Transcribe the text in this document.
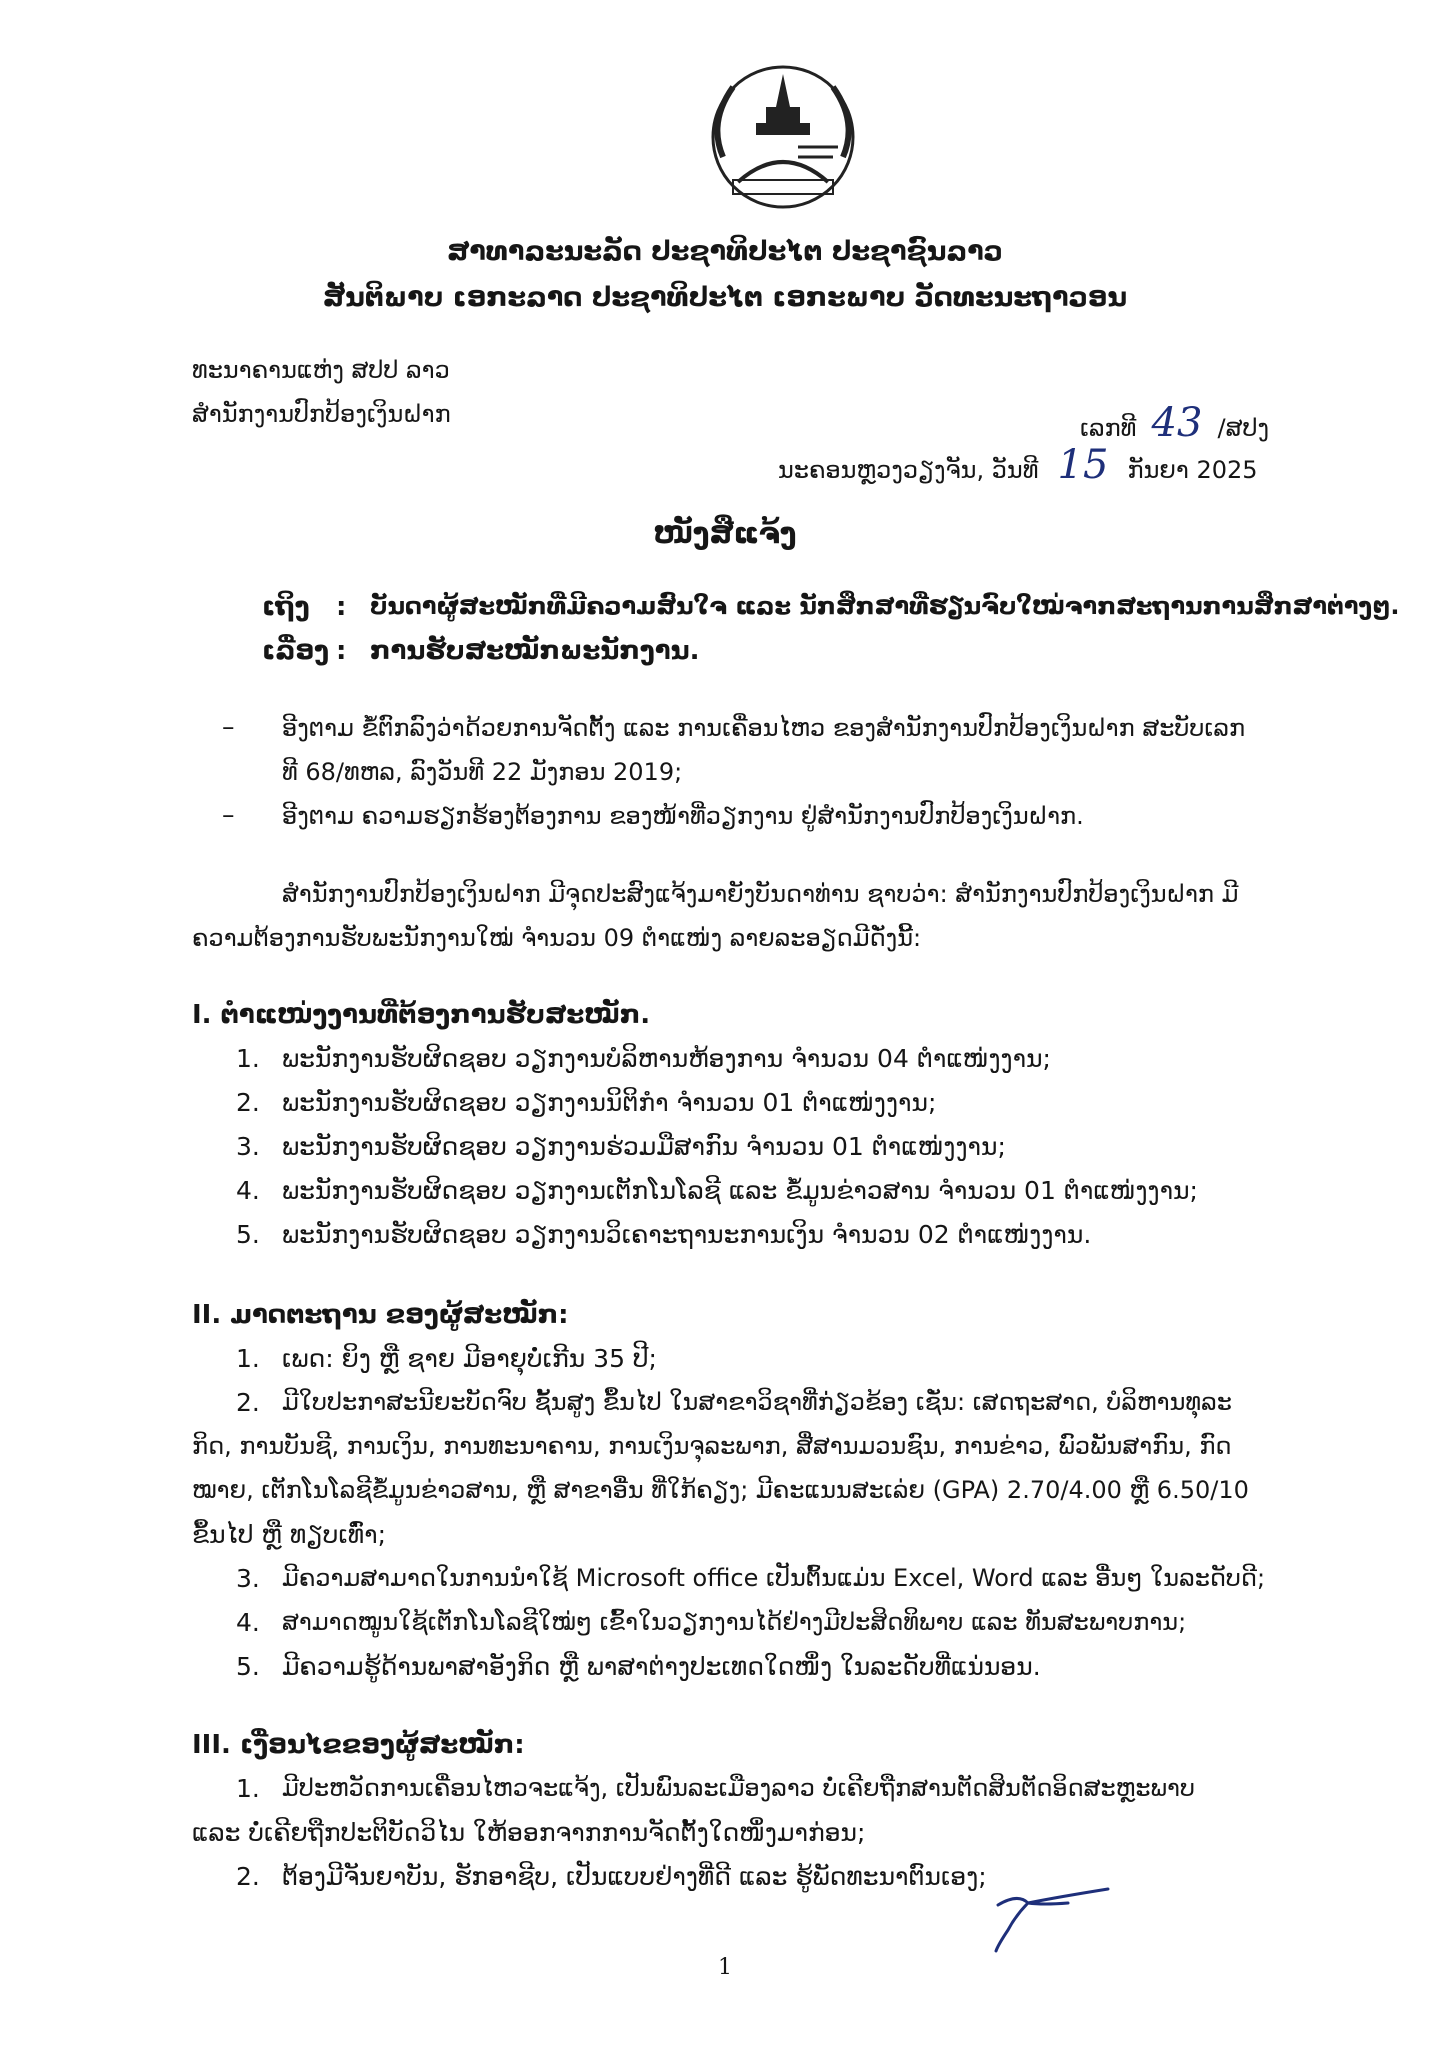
ສາທາລະນະລັດ ປະຊາທິປະໄຕ ປະຊາຊົນລາວ
ສັນຕິພາບ ເອກະລາດ ປະຊາທິປະໄຕ ເອກະພາບ ວັດທະນະຖາວອນ
ທະນາຄານແຫ່ງ ສປປ ລາວ
ສຳນັກງານປົກປ້ອງເງິນຝາກ	ເລກທີ 43 /ສປງ
ນະຄອນຫຼວງວຽງຈັນ, ວັນທີ 15 ກັນຍາ 2025
ໜັງສືແຈ້ງ
ເຖິງ : ບັນດາຜູ້ສະໝັກທີ່ມີຄວາມສົນໃຈ ແລະ ນັກສຶກສາທີ່ຮຽນຈົບໃໝ່ຈາກສະຖານການສຶກສາຕ່າງໆ.
ເລື່ອງ : ການຮັບສະໝັກພະນັກງານ.
– ອີງຕາມ ຂໍ້ຕົກລົງວ່າດ້ວຍການຈັດຕັ້ງ ແລະ ການເຄື່ອນໄຫວ ຂອງສຳນັກງານປົກປ້ອງເງິນຝາກ ສະບັບເລກ
ທີ 68/ທຫລ, ລົງວັນທີ 22 ມັງກອນ 2019;
– ອີງຕາມ ຄວາມຮຽກຮ້ອງຕ້ອງການ ຂອງໜ້າທີ່ວຽກງານ ຢູ່ສຳນັກງານປົກປ້ອງເງິນຝາກ.
ສຳນັກງານປົກປ້ອງເງິນຝາກ ມີຈຸດປະສົງແຈ້ງມາຍັງບັນດາທ່ານ ຊາບວ່າ: ສຳນັກງານປົກປ້ອງເງິນຝາກ ມີ
ຄວາມຕ້ອງການຮັບພະນັກງານໃໝ່ ຈຳນວນ 09 ຕຳແໜ່ງ ລາຍລະອຽດມີດັ່ງນີ້:
I. ຕຳແໜ່ງງານທີ່ຕ້ອງການຮັບສະໝັກ.
1. ພະນັກງານຮັບຜິດຊອບ ວຽກງານບໍລິຫານຫ້ອງການ ຈຳນວນ 04 ຕຳແໜ່ງງານ;
2. ພະນັກງານຮັບຜິດຊອບ ວຽກງານນິຕິກຳ ຈຳນວນ 01 ຕຳແໜ່ງງານ;
3. ພະນັກງານຮັບຜິດຊອບ ວຽກງານຮ່ວມມືສາກົນ ຈຳນວນ 01 ຕຳແໜ່ງງານ;
4. ພະນັກງານຮັບຜິດຊອບ ວຽກງານເຕັກໂນໂລຊີ ແລະ ຂໍ້ມູນຂ່າວສານ ຈຳນວນ 01 ຕຳແໜ່ງງານ;
5. ພະນັກງານຮັບຜິດຊອບ ວຽກງານວິເຄາະຖານະການເງິນ ຈຳນວນ 02 ຕຳແໜ່ງງານ.
II. ມາດຕະຖານ ຂອງຜູ້ສະໝັກ:
1. ເພດ: ຍິງ ຫຼື ຊາຍ ມີອາຍຸບໍ່ເກີນ 35 ປີ;
2. ມີໃບປະກາສະນີຍະບັດຈົບ ຊັ້ນສູງ ຂຶ້ນໄປ ໃນສາຂາວິຊາທີ່ກ່ຽວຂ້ອງ ເຊັ່ນ: ເສດຖະສາດ, ບໍລິຫານທຸລະ
ກິດ, ການບັນຊີ, ການເງິນ, ການທະນາຄານ, ການເງິນຈຸລະພາກ, ສື່ສານມວນຊົນ, ການຂ່າວ, ພົວພັນສາກົນ, ກົດ
ໝາຍ, ເຕັກໂນໂລຊີຂໍ້ມູນຂ່າວສານ, ຫຼື ສາຂາອື່ນ ທີ່ໃກ້ຄຽງ; ມີຄະແນນສະເລ່ຍ (GPA) 2.70/4.00 ຫຼື 6.50/10
ຂຶ້ນໄປ ຫຼື ທຽບເທົ່າ;
3. ມີຄວາມສາມາດໃນການນຳໃຊ້ Microsoft office ເປັນຕົ້ນແມ່ນ Excel, Word ແລະ ອື່ນໆ ໃນລະດັບດີ;
4. ສາມາດໝູນໃຊ້ເຕັກໂນໂລຊີໃໝ່ໆ ເຂົ້າໃນວຽກງານໄດ້ຢ່າງມີປະສິດທິພາບ ແລະ ທັນສະພາບການ;
5. ມີຄວາມຮູ້ດ້ານພາສາອັງກິດ ຫຼື ພາສາຕ່າງປະເທດໃດໜຶ່ງ ໃນລະດັບທີ່ແນ່ນອນ.
III. ເງື່ອນໄຂຂອງຜູ້ສະໝັກ:
1. ມີປະຫວັດການເຄື່ອນໄຫວຈະແຈ້ງ, ເປັນພົນລະເມືອງລາວ ບໍ່ເຄີຍຖືກສານຕັດສິນຕັດອິດສະຫຼະພາບ
ແລະ ບໍ່ເຄີຍຖືກປະຕິບັດວິໄນ ໃຫ້ອອກຈາກການຈັດຕັ້ງໃດໜຶ່ງມາກ່ອນ;
2. ຕ້ອງມີຈັນຍາບັນ, ຮັກອາຊີບ, ເປັນແບບຢ່າງທີ່ດີ ແລະ ຮູ້ພັດທະນາຕົນເອງ;
1
